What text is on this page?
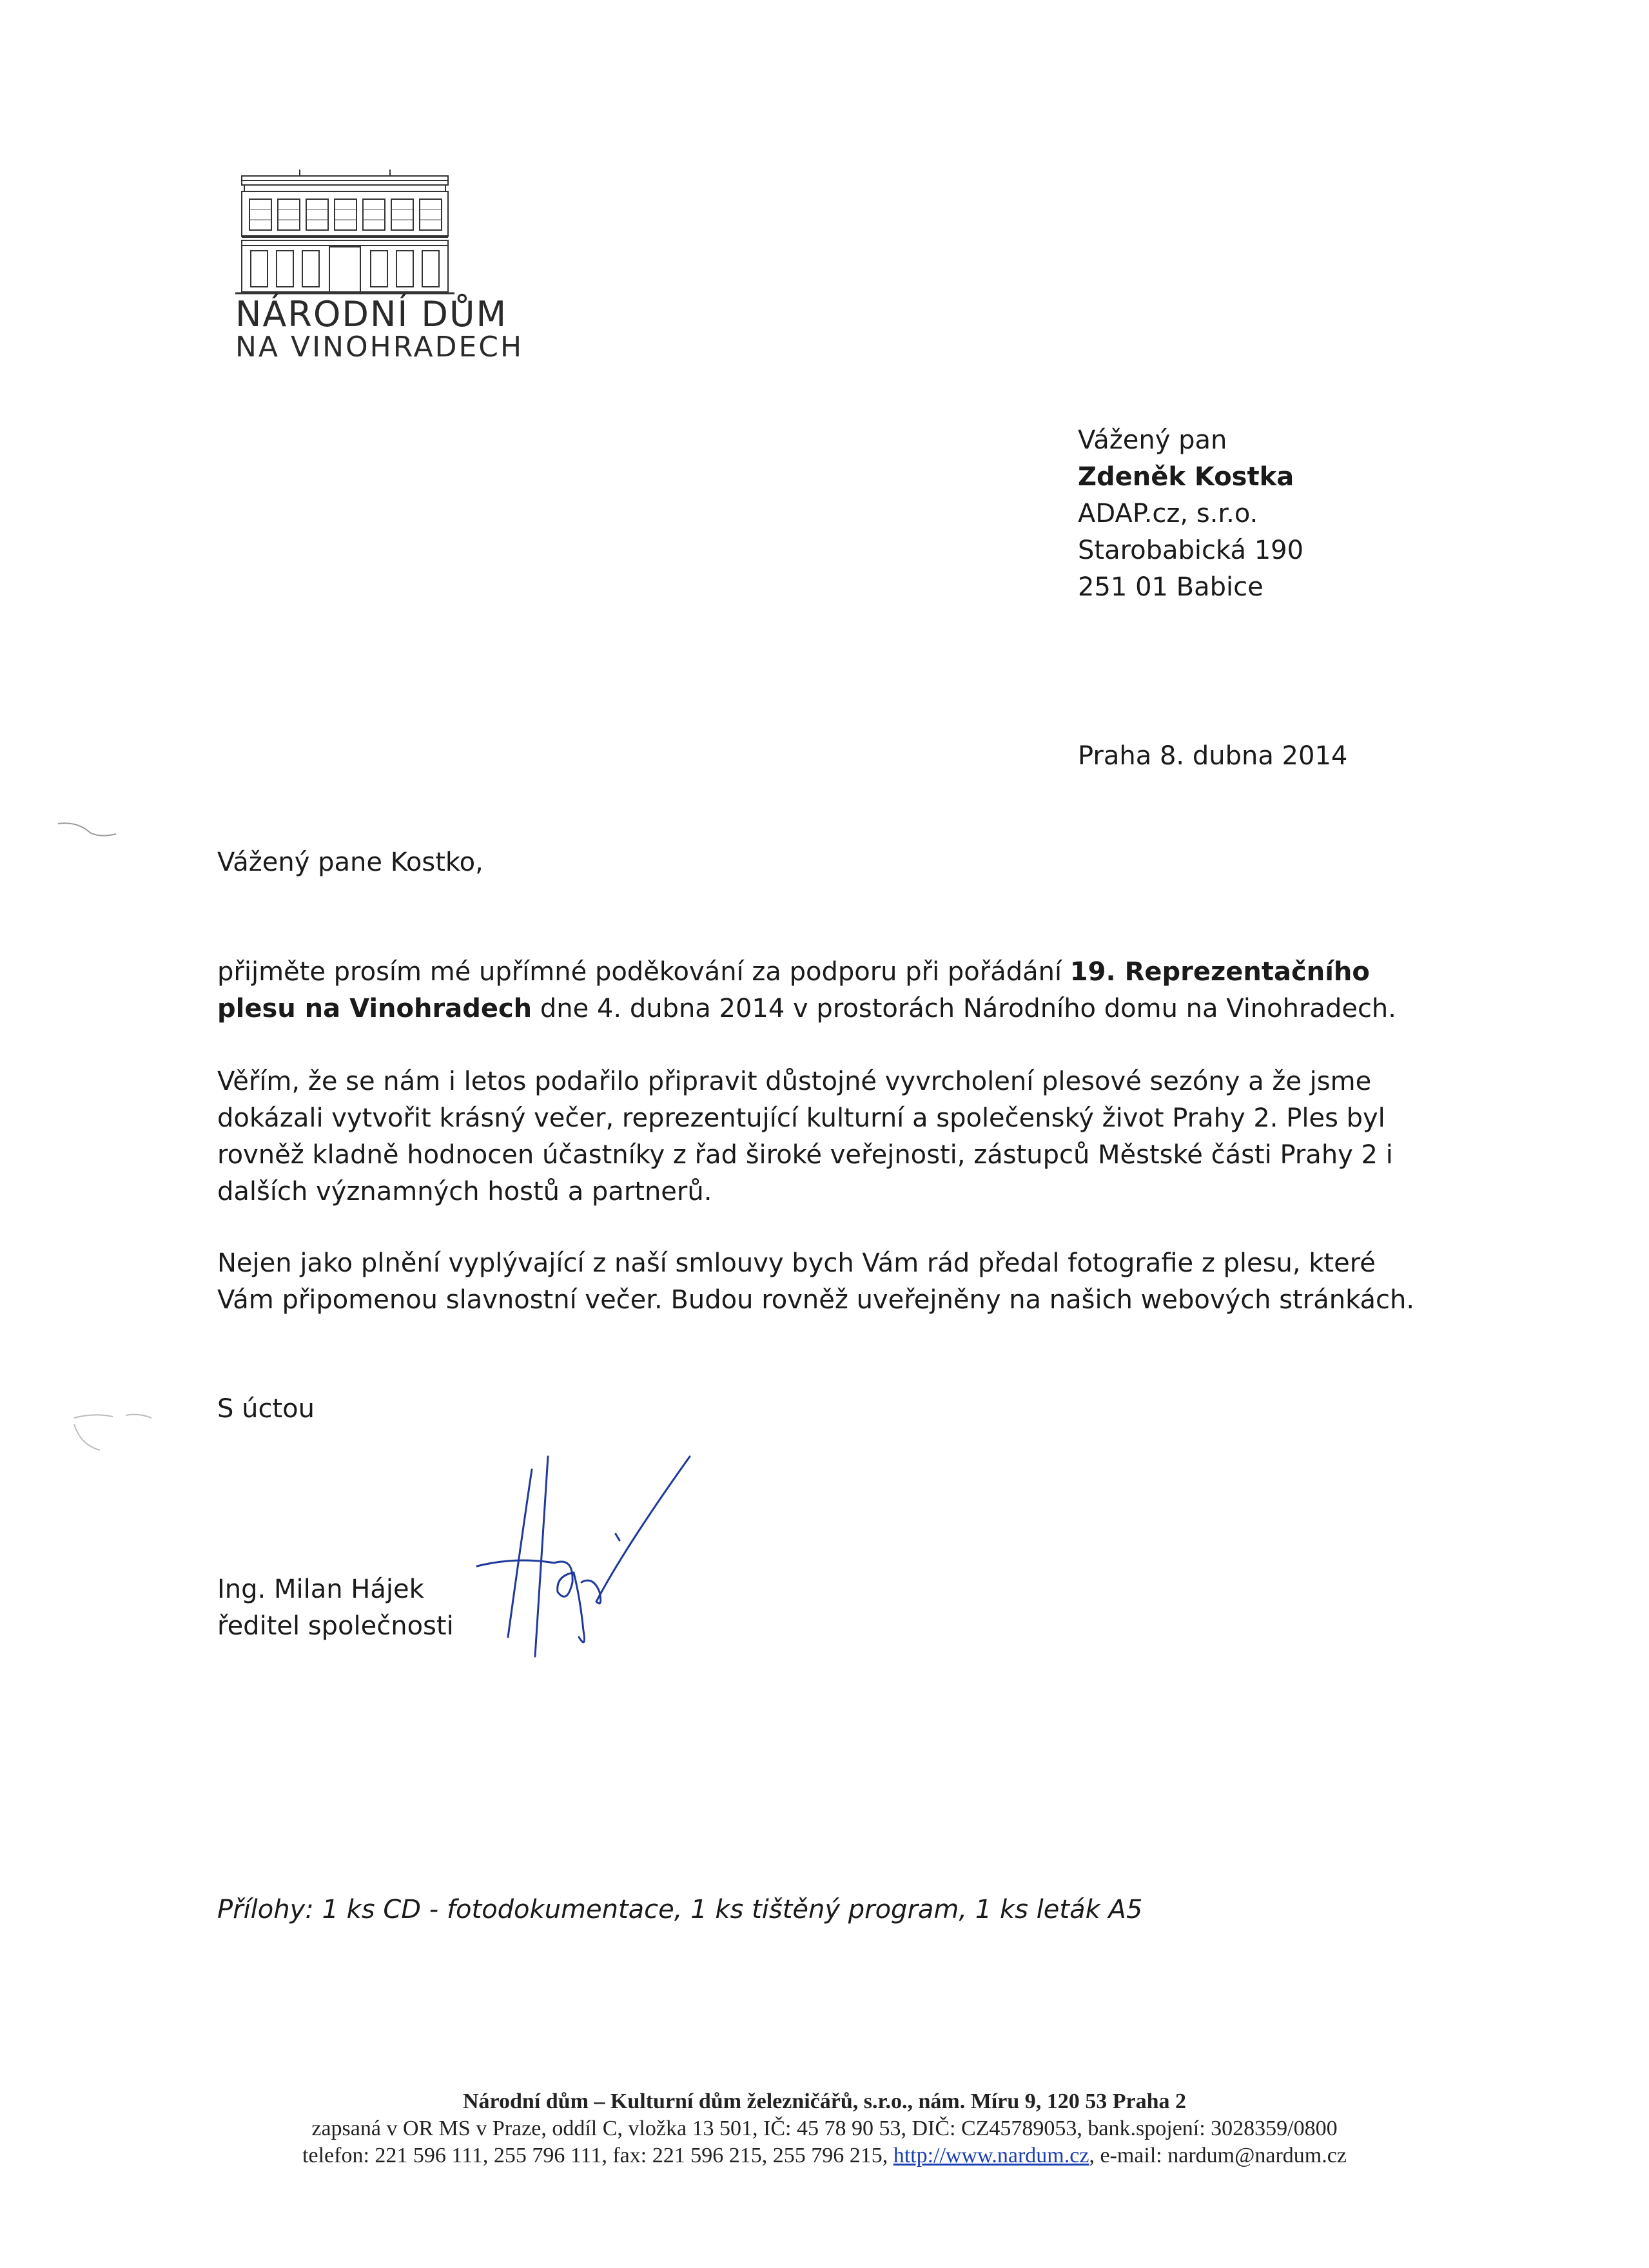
NÁRODNÍ DŮM
NA VINOHRADECH
Vážený pan
Zdeněk Kostka
ADAP.cz, s.r.o.
Starobabická 190
251 01 Babice
Praha 8. dubna 2014
Vážený pane Kostko,
přijměte prosím mé upřímné poděkování za podporu při pořádání 19. Reprezentačního plesu na Vinohradech dne 4. dubna 2014 v prostorách Národního domu na Vinohradech.
Věřím, že se nám i letos podařilo připravit důstojné vyvrcholení plesové sezóny a že jsme dokázali vytvořit krásný večer, reprezentující kulturní a společenský život Prahy 2. Ples byl rovněž kladně hodnocen účastníky z řad široké veřejnosti, zástupců Městské části Prahy 2 i dalších významných hostů a partnerů.
Nejen jako plnění vyplývající z naší smlouvy bych Vám rád předal fotografie z plesu, které Vám připomenou slavnostní večer. Budou rovněž uveřejněny na našich webových stránkách.
S úctou
Ing. Milan Hájek
ředitel společnosti
Přílohy: 1 ks CD - fotodokumentace, 1 ks tištěný program, 1 ks leták A5
Národní dům – Kulturní dům železničářů, s.r.o., nám. Míru 9, 120 53 Praha 2
zapsaná v OR MS v Praze, oddíl C, vložka 13 501, IČ: 45 78 90 53, DIČ: CZ45789053, bank.spojení: 3028359/0800
telefon: 221 596 111, 255 796 111, fax: 221 596 215, 255 796 215, http://www.nardum.cz, e-mail: nardum@nardum.cz
